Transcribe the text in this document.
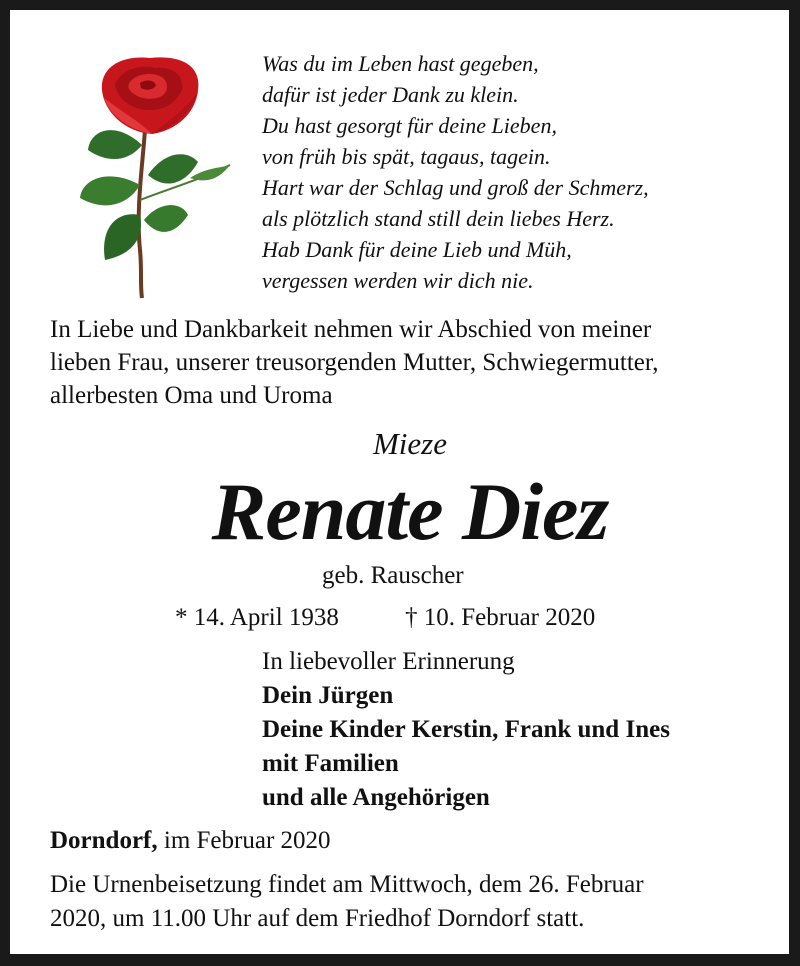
Was du im Leben hast gegeben,
dafür ist jeder Dank zu klein.
Du hast gesorgt für deine Lieben,
von früh bis spät, tagaus, tagein.
Hart war der Schlag und groß der Schmerz,
als plötzlich stand still dein liebes Herz.
Hab Dank für deine Lieb und Müh,
vergessen werden wir dich nie.
In Liebe und Dankbarkeit nehmen wir Abschied von meiner
lieben Frau, unserer treusorgenden Mutter, Schwiegermutter,
allerbesten Oma und Uroma
Mieze
Renate Diez
geb. Rauscher
* 14. April 1938	† 10. Februar 2020
In liebevoller Erinnerung
Dein Jürgen
Deine Kinder Kerstin, Frank und Ines
mit Familien
und alle Angehörigen
Dorndorf, im Februar 2020
Die Urnenbeisetzung findet am Mittwoch, dem 26. Februar
2020, um 11.00 Uhr auf dem Friedhof Dorndorf statt.
